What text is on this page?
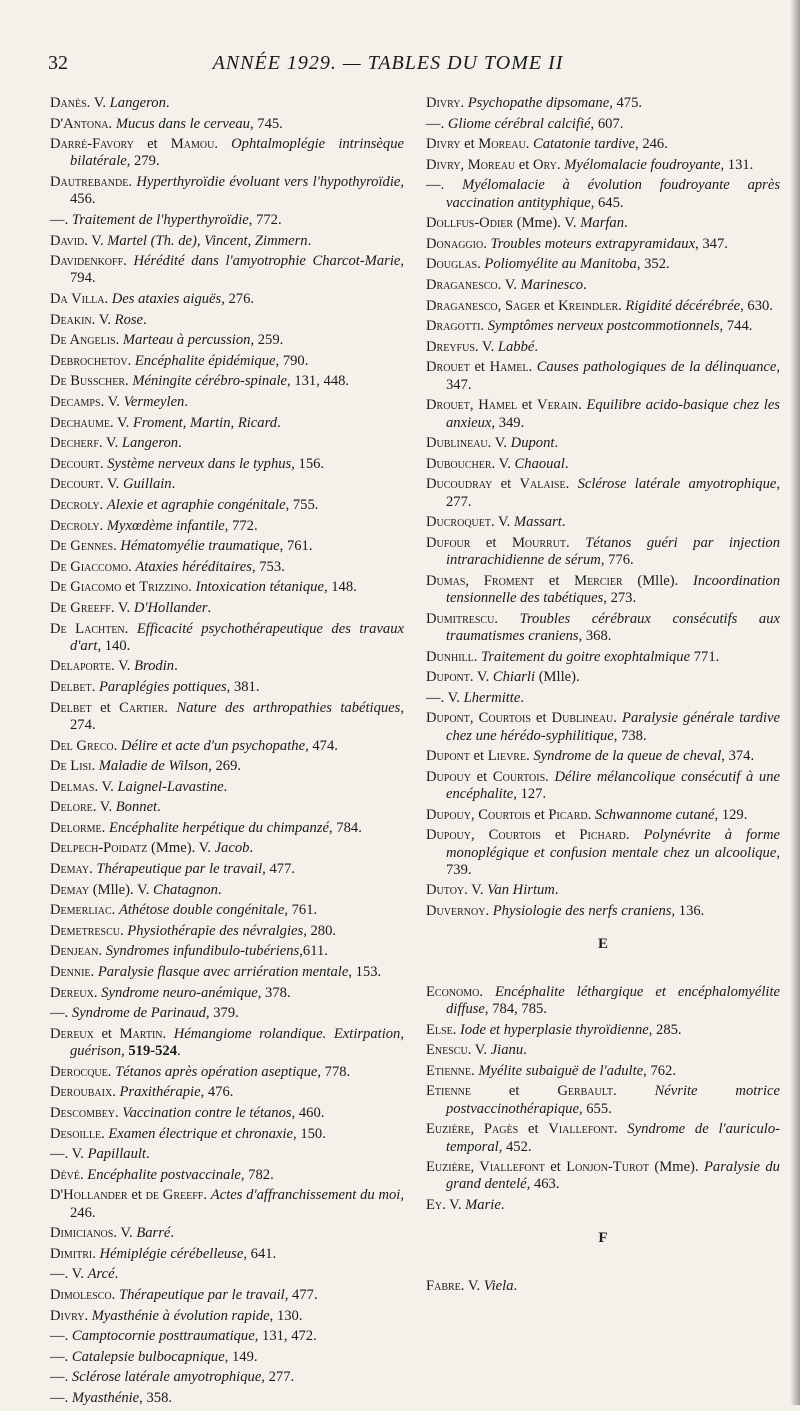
32	ANNÉE 1929. — TABLES DU TOME II

Danès. V. Langeron.

D'Antona. Mucus dans le cerveau, 745.

Darré-Favory et Mamou. Ophtalmoplégie intrinsèque bilatérale, 279.

Dautrebande. Hyperthyroïdie évoluant vers l'hypothyroïdie, 456.

—. Traitement de l'hyperthyroïdie, 772.

David. V. Martel (Th. de), Vincent, Zimmern.

Davidenkoff. Hérédité dans l'amyotrophie Charcot-Marie, 794.

Da Villa. Des ataxies aiguës, 276.

Deakin. V. Rose.

De Angelis. Marteau à percussion, 259.

Debrochetov. Encéphalite épidémique, 790.

De Busscher. Méningite cérébro-spinale, 131, 448.

Decamps. V. Vermeylen.

Dechaume. V. Froment, Martin, Ricard.

Decherf. V. Langeron.

Decourt. Système nerveux dans le typhus, 156.

Decourt. V. Guillain.

Decroly. Alexie et agraphie congénitale, 755.

Decroly. Myxœdème infantile, 772.

De Gennes. Hématomyélie traumatique, 761.

De Giaccomo. Ataxies héréditaires, 753.

De Giacomo et Trizzino. Intoxication tétanique, 148.

De Greeff. V. D'Hollander.

De Lachten. Efficacité psychothérapeutique des travaux d'art, 140.

Delaporte. V. Brodin.

Delbet. Paraplégies pottiques, 381.

Delbet et Cartier. Nature des arthropathies tabétiques, 274.

Del Greco. Délire et acte d'un psychopathe, 474.

De Lisi. Maladie de Wilson, 269.

Delmas. V. Laignel-Lavastine.

Delore. V. Bonnet.

Delorme. Encéphalite herpétique du chimpanzé, 784.

Delpech-Poidatz (Mme). V. Jacob.

Demay. Thérapeutique par le travail, 477.

Demay (Mlle). V. Chatagnon.

Demerliac. Athétose double congénitale, 761.

Demetrescu. Physiothérapie des névralgies, 280.

Denjean. Syndromes infundibulo-tubériens,611.

Dennie. Paralysie flasque avec arriération mentale, 153.

Dereux. Syndrome neuro-anémique, 378.

—. Syndrome de Parinaud, 379.

Dereux et Martin. Hémangiome rolandique. Extirpation, guérison, 519-524.

Derocque. Tétanos après opération aseptique, 778.

Deroubaix. Praxithérapie, 476.

Descombey. Vaccination contre le tétanos, 460.

Desoille. Examen électrique et chronaxie, 150.

—. V. Papillault.

Dévé. Encéphalite postvaccinale, 782.

D'Hollander et de Greeff. Actes d'affranchissement du moi, 246.

Dimicianos. V. Barré.

Dimitri. Hémiplégie cérébelleuse, 641.

—. V. Arcé.

Dimolesco. Thérapeutique par le travail, 477.

Divry. Myasthénie à évolution rapide, 130.

—. Camptocornie posttraumatique, 131, 472.

—. Catalepsie bulbocapnique, 149.

—. Sclérose latérale amyotrophique, 277.

—. Myasthénie, 358.

Divry. Psychopathe dipsomane, 475.

—. Gliome cérébral calcifié, 607.

Divry et Moreau. Catatonie tardive, 246.

Divry, Moreau et Ory. Myélomalacie foudroyante, 131.

—. Myélomalacie à évolution foudroyante après vaccination antityphique, 645.

Dollfus-Odier (Mme). V. Marfan.

Donaggio. Troubles moteurs extrapyramidaux, 347.

Douglas. Poliomyélite au Manitoba, 352.

Draganesco. V. Marinesco.

Draganesco, Sager et Kreindler. Rigidité décérébrée, 630.

Dragotti. Symptômes nerveux postcommotionnels, 744.

Dreyfus. V. Labbé.

Drouet et Hamel. Causes pathologiques de la délinquance, 347.

Drouet, Hamel et Verain. Equilibre acido-basique chez les anxieux, 349.

Dublineau. V. Dupont.

Duboucher. V. Chaoual.

Ducoudray et Valaise. Sclérose latérale amyotrophique, 277.

Ducroquet. V. Massart.

Dufour et Mourrut. Tétanos guéri par injection intrarachidienne de sérum, 776.

Dumas, Froment et Mercier (Mlle). Incoordination tensionnelle des tabétiques, 273.

Dumitrescu. Troubles cérébraux consécutifs aux traumatismes craniens, 368.

Dunhill. Traitement du goitre exophtalmique 771.

Dupont. V. Chiarli (Mlle).

—. V. Lhermitte.

Dupont, Courtois et Dublineau. Paralysie générale tardive chez une hérédo-syphilitique, 738.

Dupont et Lievre. Syndrome de la queue de cheval, 374.

Dupouy et Courtois. Délire mélancolique consécutif à une encéphalite, 127.

Dupouy, Courtois et Picard. Schwannome cutané, 129.

Dupouy, Courtois et Pichard. Polynévrite à forme monoplégique et confusion mentale chez un alcoolique, 739.

Dutoy. V. Van Hirtum.

Duvernoy. Physiologie des nerfs craniens, 136.

E

Economo. Encéphalite léthargique et encéphalomyélite diffuse, 784, 785.

Else. Iode et hyperplasie thyroïdienne, 285.

Enescu. V. Jianu.

Etienne. Myélite subaiguë de l'adulte, 762.

Etienne et Gerbault. Névrite motrice postvaccinothérapique, 655.

Euzière, Pagès et Viallefont. Syndrome de l'auriculo-temporal, 452.

Euzière, Viallefont et Lonjon-Turot (Mme). Paralysie du grand dentelé, 463.

Ey. V. Marie.

F

Fabre. V. Viela.
